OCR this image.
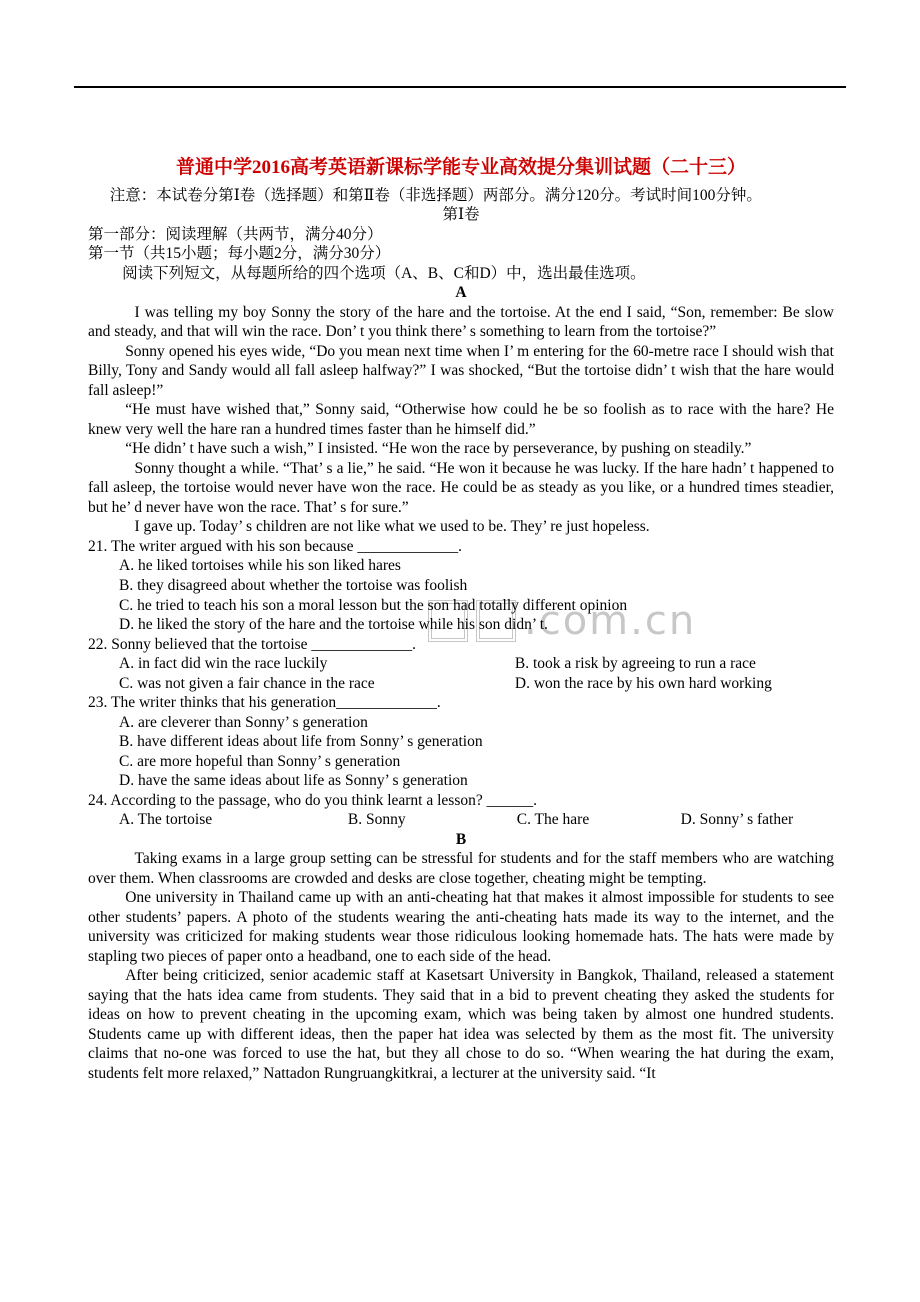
.com.cn

普通中学2016高考英语新课标学能专业高效提分集训试题（二十三）

注意：本试卷分第Ⅰ卷（选择题）和第Ⅱ卷（非选择题）两部分。满分120分。考试时间100分钟。

第Ⅰ卷

第一部分：阅读理解（共两节，满分40分）

第一节（共15小题；每小题2分，满分30分）

阅读下列短文，从每题所给的四个选项（A、B、C和D）中，选出最佳选项。

A

I was telling my boy Sonny the story of the hare and the tortoise. At the end I said, “Son, remember: Be slow and steady, and that will win the race. Don’ t you think there’ s something to learn from the tortoise?”

Sonny opened his eyes wide, “Do you mean next time when I’ m entering for the 60-metre race I should wish that Billy, Tony and Sandy would all fall asleep halfway?” I was shocked, “But the tortoise didn’ t wish that the hare would fall asleep!”

“He must have wished that,” Sonny said, “Otherwise how could he be so foolish as to race with the hare? He knew very well the hare ran a hundred times faster than he himself did.”

“He didn’ t have such a wish,” I insisted. “He won the race by perseverance, by pushing on steadily.”

Sonny thought a while. “That’ s a lie,” he said. “He won it because he was lucky. If the hare hadn’ t happened to fall asleep, the tortoise would never have won the race. He could be as steady as you like, or a hundred times steadier, but he’ d never have won the race. That’ s for sure.”

I gave up. Today’ s children are not like what we used to be. They’ re just hopeless.

21. The writer argued with his son because _____________.

A. he liked tortoises while his son liked hares

B. they disagreed about whether the tortoise was foolish

C. he tried to teach his son a moral lesson but the son had totally different opinion

D. he liked the story of the hare and the tortoise while his son didn’ t.

22. Sonny believed that the tortoise _____________.

A. in fact did win the race luckily	B. took a risk by agreeing to run a race

C. was not given a fair chance in the race	D. won the race by his own hard working

23. The writer thinks that his generation_____________.

A. are cleverer than Sonny’ s generation

B. have different ideas about life from Sonny’ s generation

C. are more hopeful than Sonny’ s generation

D. have the same ideas about life as Sonny’ s generation

24. According to the passage, who do you think learnt a lesson? ______.

A. The tortoise	B. Sonny	C. The hare	D. Sonny’ s father

B

Taking exams in a large group setting can be stressful for students and for the staff members who are watching over them. When classrooms are crowded and desks are close together, cheating might be tempting.

One university in Thailand came up with an anti-cheating hat that makes it almost impossible for students to see other students’ papers. A photo of the students wearing the anti-cheating hats made its way to the internet, and the university was criticized for making students wear those ridiculous looking homemade hats. The hats were made by stapling two pieces of paper onto a headband, one to each side of the head.

After being criticized, senior academic staff at Kasetsart University in Bangkok, Thailand, released a statement saying that the hats idea came from students. They said that in a bid to prevent cheating they asked the students for ideas on how to prevent cheating in the upcoming exam, which was being taken by almost one hundred students. Students came up with different ideas, then the paper hat idea was selected by them as the most fit. The university claims that no-one was forced to use the hat, but they all chose to do so. “When wearing the hat during the exam, students felt more relaxed,” Nattadon Rungruangkitkrai, a lecturer at the university said. “It
